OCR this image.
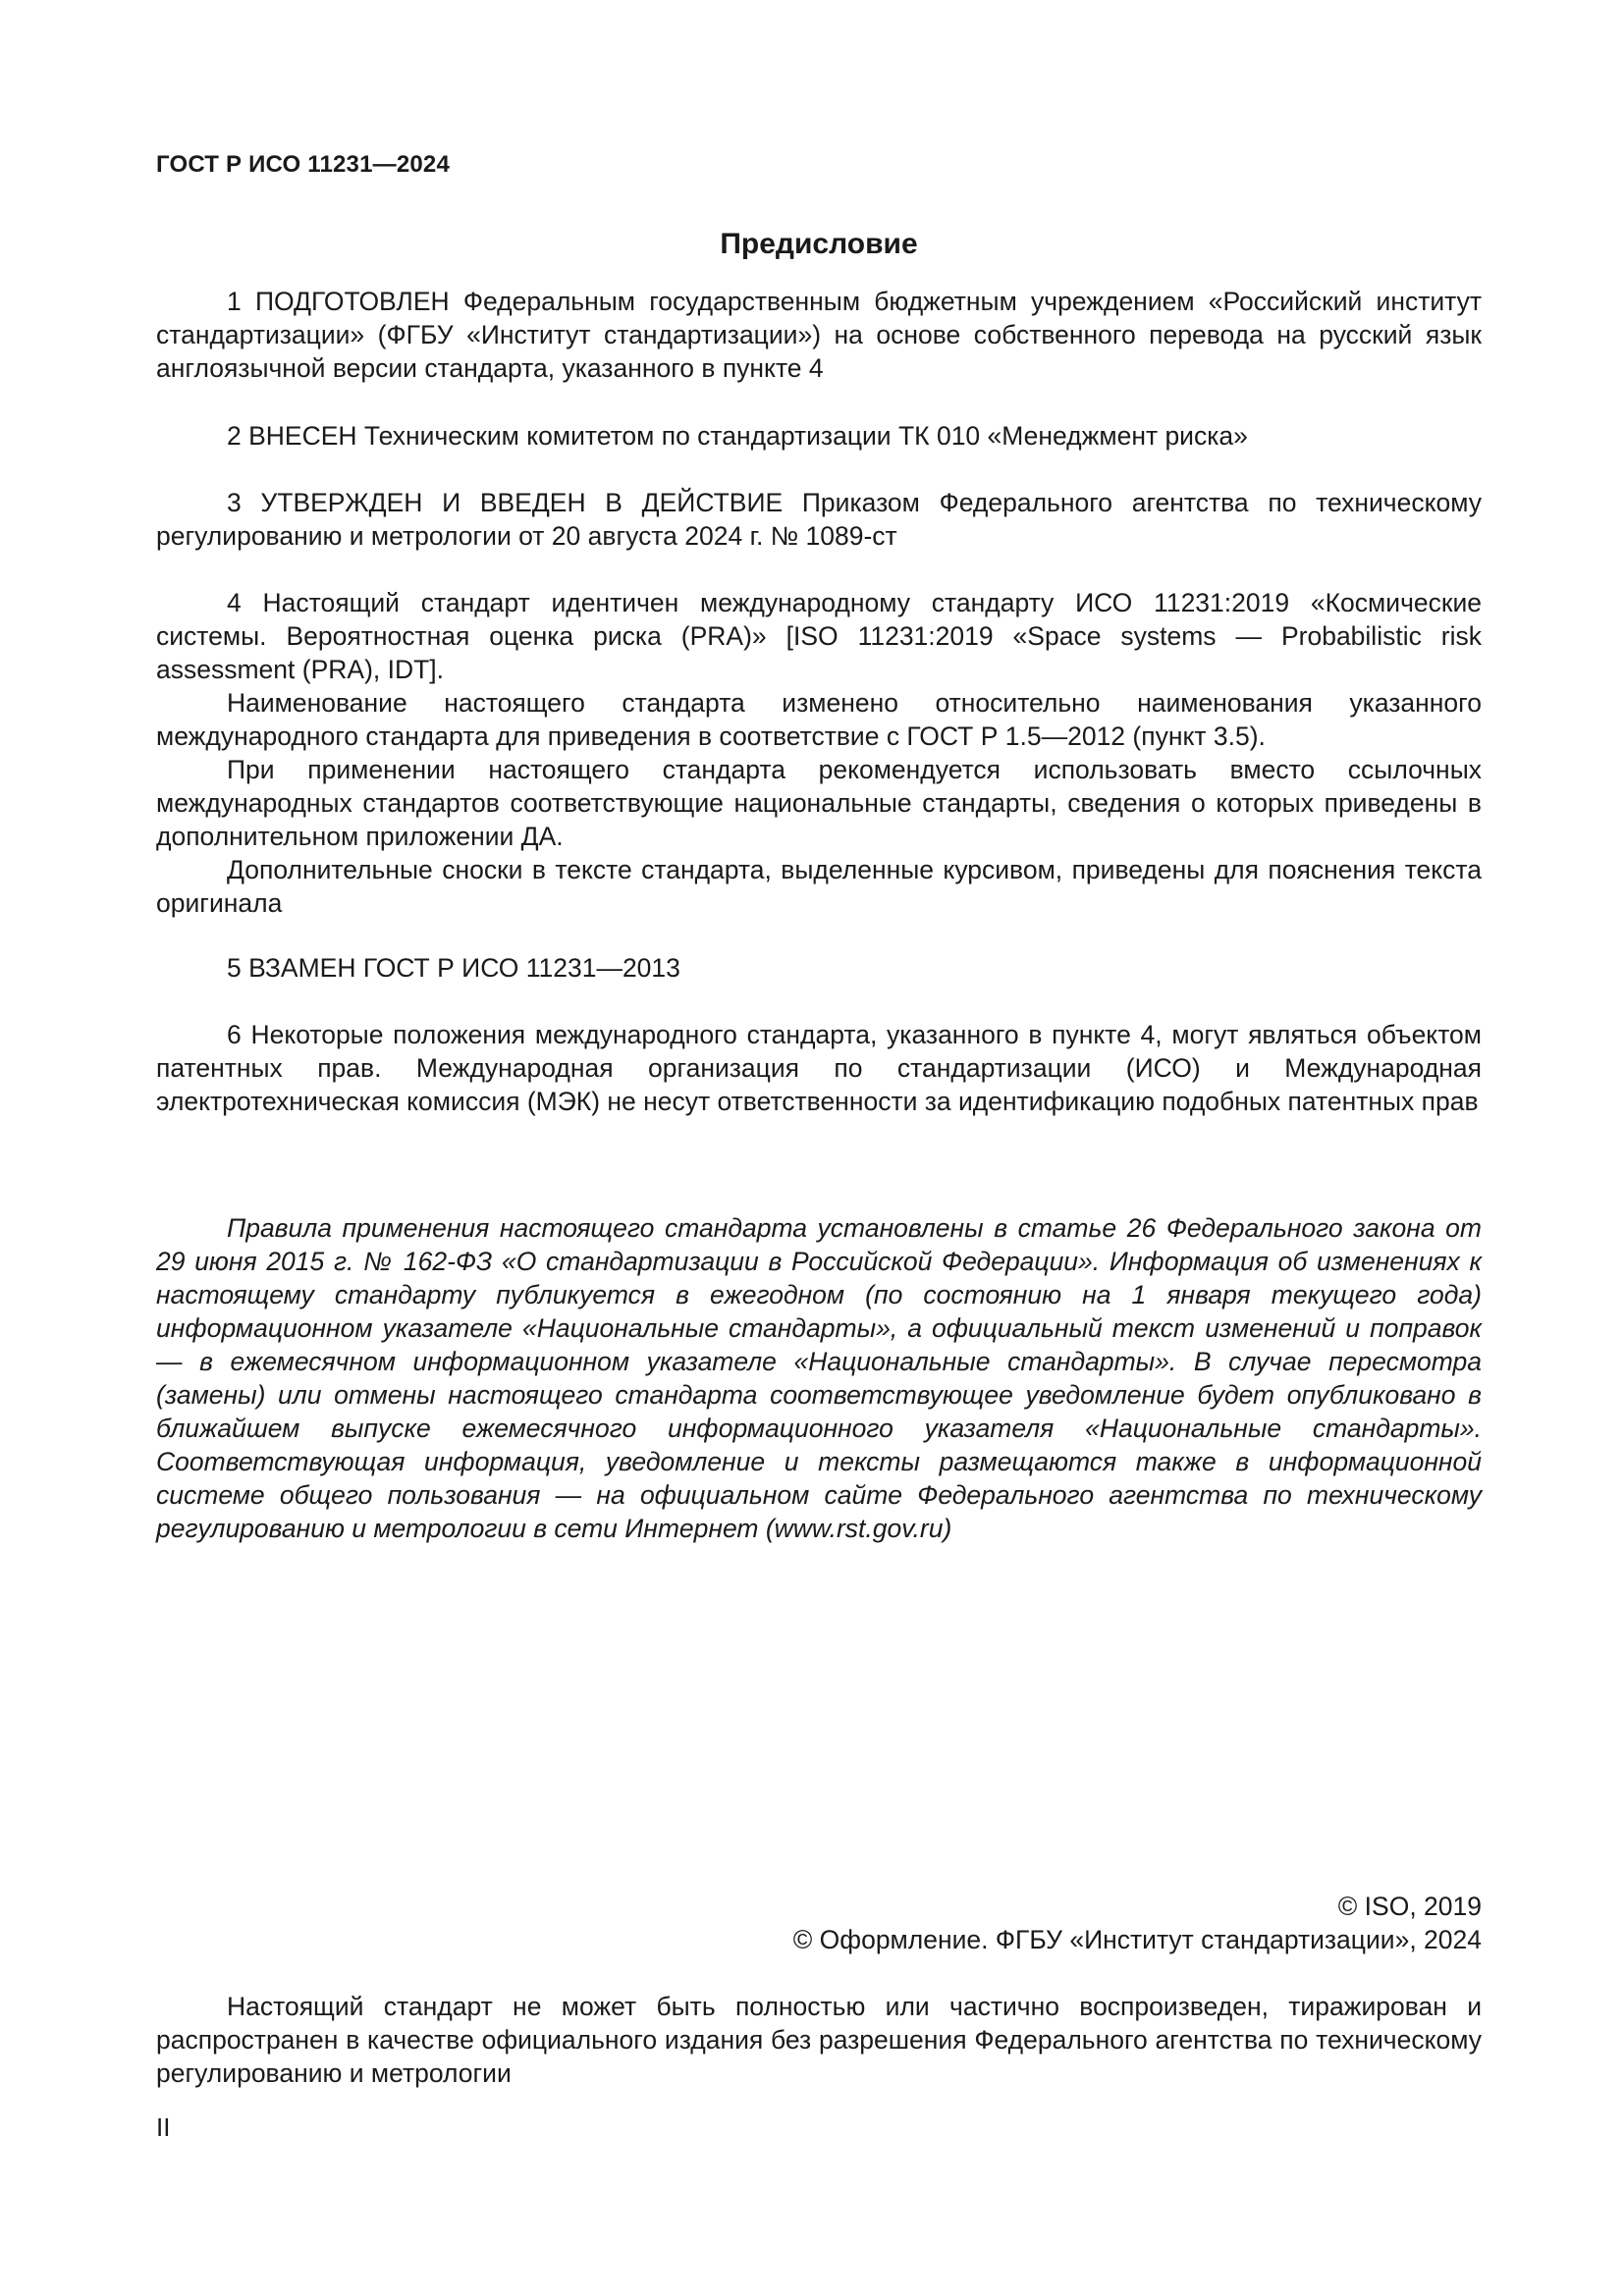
ГОСТ Р ИСО 11231—2024
Предисловие

1 ПОДГОТОВЛЕН Федеральным государственным бюджетным учреждением «Российский институт стандартизации» (ФГБУ «Институт стандартизации») на основе собственного перевода на русский язык англоязычной версии стандарта, указанного в пункте 4

2 ВНЕСЕН Техническим комитетом по стандартизации ТК 010 «Менеджмент риска»

3 УТВЕРЖДЕН И ВВЕДЕН В ДЕЙСТВИЕ Приказом Федерального агентства по техническому регулированию и метрологии от 20 августа 2024 г. № 1089-ст

4 Настоящий стандарт идентичен международному стандарту ИСО 11231:2019 «Космические системы. Вероятностная оценка риска (PRA)» [ISO 11231:2019 «Space systems — Probabilistic risk assessment (PRA), IDT].

Наименование настоящего стандарта изменено относительно наименования указанного международного стандарта для приведения в соответствие с ГОСТ Р 1.5—2012 (пункт 3.5).

При применении настоящего стандарта рекомендуется использовать вместо ссылочных международных стандартов соответствующие национальные стандарты, сведения о которых приведены в дополнительном приложении ДА.

Дополнительные сноски в тексте стандарта, выделенные курсивом, приведены для пояснения текста оригинала

5 ВЗАМЕН ГОСТ Р ИСО 11231—2013

6 Некоторые положения международного стандарта, указанного в пункте 4, могут являться объектом патентных прав. Международная организация по стандартизации (ИСО) и Международная электротехническая комиссия (МЭК) не несут ответственности за идентификацию подобных патентных прав

Правила применения настоящего стандарта установлены в статье 26 Федерального закона от 29 июня 2015 г. № 162-ФЗ «О стандартизации в Российской Федерации». Информация об изменениях к настоящему стандарту публикуется в ежегодном (по состоянию на 1 января текущего года) информационном указателе «Национальные стандарты», а официальный текст изменений и поправок — в ежемесячном информационном указателе «Национальные стандарты». В случае пересмотра (замены) или отмены настоящего стандарта соответствующее уведомление будет опубликовано в ближайшем выпуске ежемесячного информационного указателя «Национальные стандарты». Соответствующая информация, уведомление и тексты размещаются также в информационной системе общего пользования — на официальном сайте Федерального агентства по техническому регулированию и метрологии в сети Интернет (www.rst.gov.ru)
© ISO, 2019
© Оформление. ФГБУ «Институт стандартизации», 2024
Настоящий стандарт не может быть полностью или частично воспроизведен, тиражирован и распространен в качестве официального издания без разрешения Федерального агентства по техническому регулированию и метрологии
II
